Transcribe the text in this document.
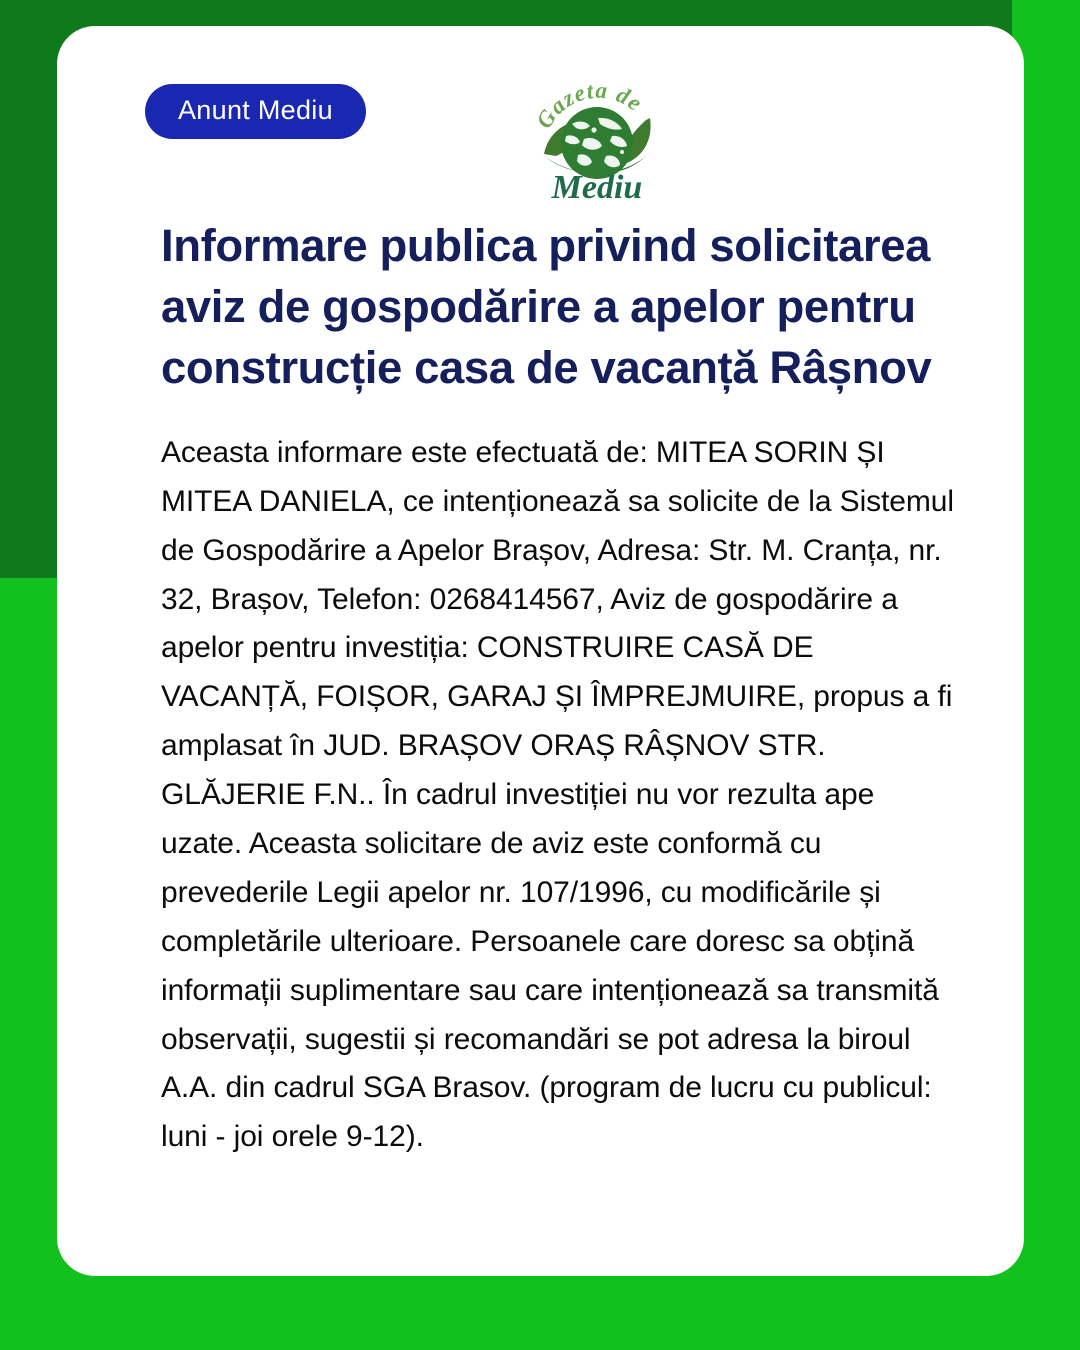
Anunt Mediu	Gazeta de
Mediu
Informare publica privind solicitarea aviz de gospodărire a apelor pentru construcție casa de vacanță Râșnov

Aceasta informare este efectuată de: MITEA SORIN ȘI MITEA DANIELA, ce intenționează sa solicite de la Sistemul de Gospodărire a Apelor Brașov, Adresa: Str. M. Cranța, nr. 32, Brașov, Telefon: 0268414567, Aviz de gospodărire a apelor pentru investiția: CONSTRUIRE CASĂ DE VACANȚĂ, FOIȘOR, GARAJ ȘI ÎMPREJMUIRE, propus a fi amplasat în JUD. BRAȘOV ORAȘ RÂȘNOV STR. GLĂJERIE F.N.. În cadrul investiției nu vor rezulta ape uzate. Aceasta solicitare de aviz este conformă cu prevederile Legii apelor nr. 107/1996, cu modificările și completările ulterioare. Persoanele care doresc sa obțină informații suplimentare sau care intenționează sa transmită observații, sugestii și recomandări se pot adresa la biroul A.A. din cadrul SGA Brasov. (program de lucru cu publicul: luni - joi orele 9-12).
